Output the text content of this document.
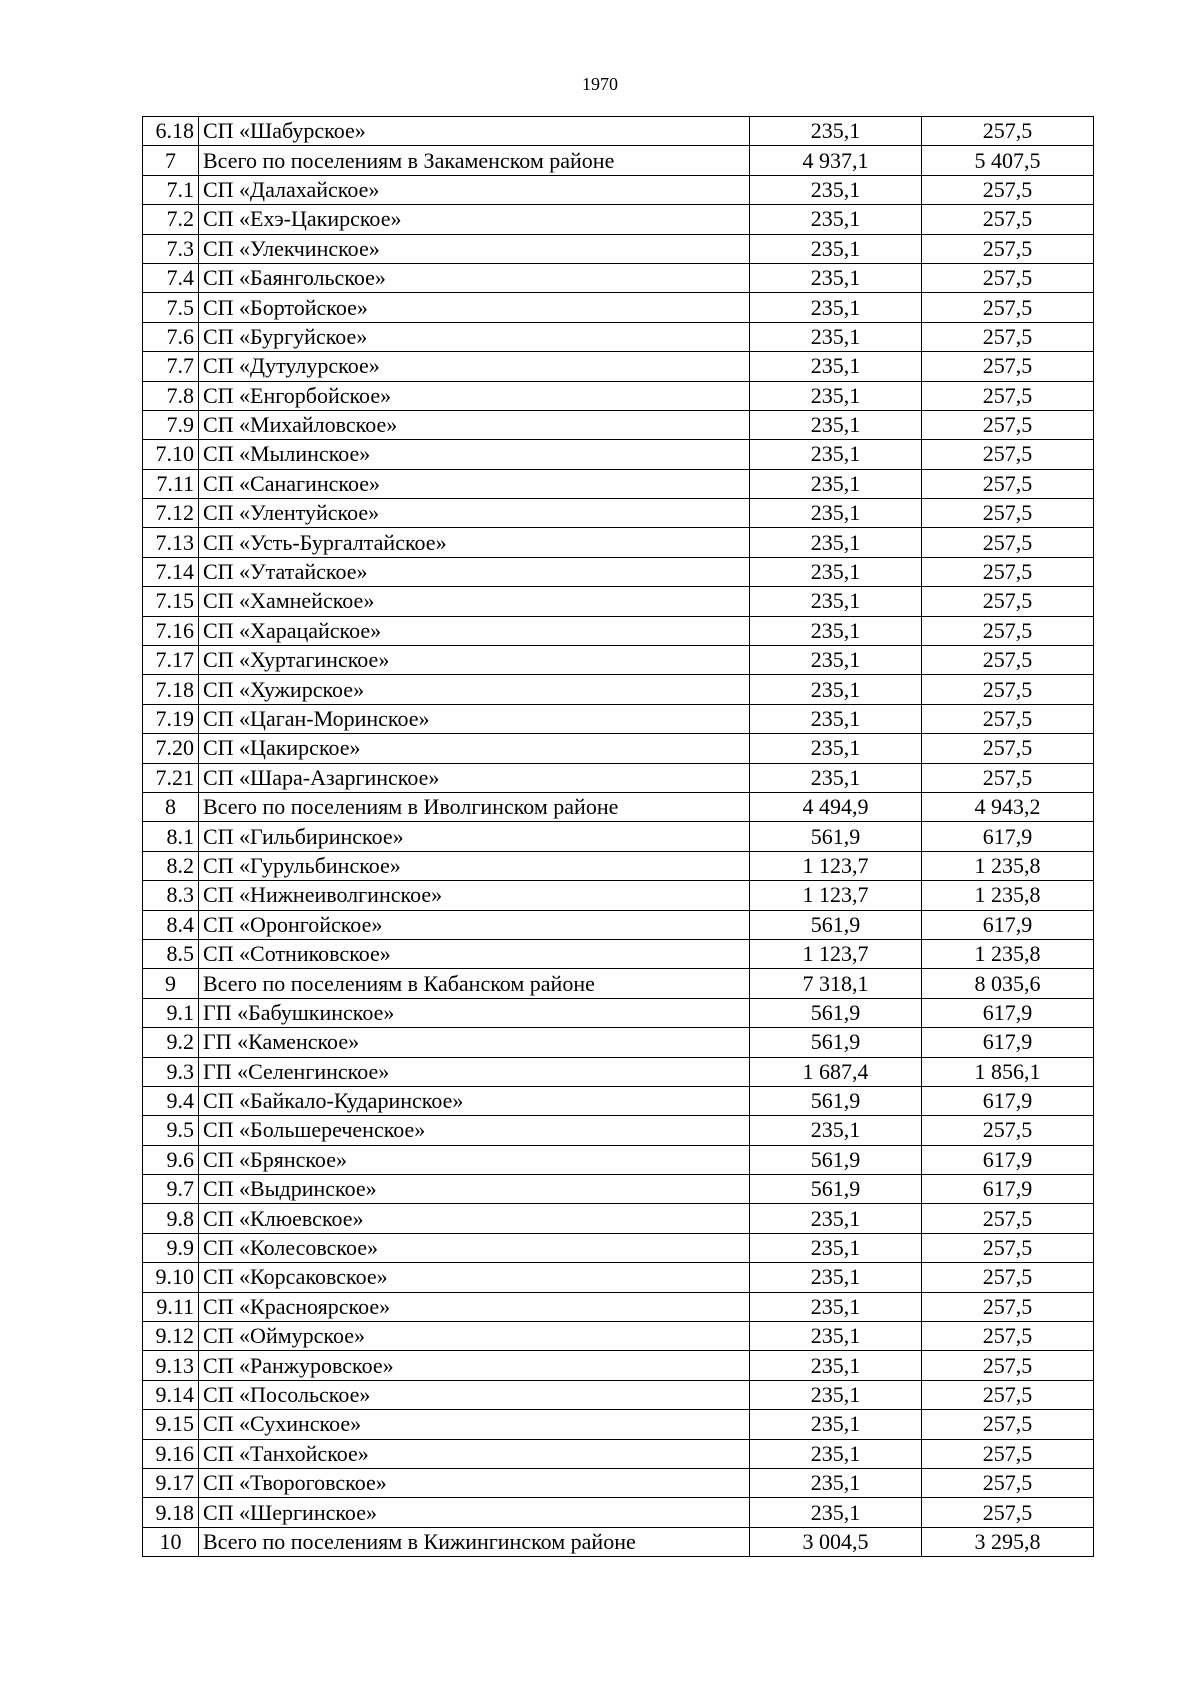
1970
6.18	СП «Шабурское»	235,1	257,5
7	Всего по поселениям в Закаменском районе	4 937,1	5 407,5
7.1	СП «Далахайское»	235,1	257,5
7.2	СП «Ехэ-Цакирское»	235,1	257,5
7.3	СП «Улекчинское»	235,1	257,5
7.4	СП «Баянгольское»	235,1	257,5
7.5	СП «Бортойское»	235,1	257,5
7.6	СП «Бургуйское»	235,1	257,5
7.7	СП «Дутулурское»	235,1	257,5
7.8	СП «Енгорбойское»	235,1	257,5
7.9	СП «Михайловское»	235,1	257,5
7.10	СП «Мылинское»	235,1	257,5
7.11	СП «Санагинское»	235,1	257,5
7.12	СП «Улентуйское»	235,1	257,5
7.13	СП «Усть-Бургалтайское»	235,1	257,5
7.14	СП «Утатайское»	235,1	257,5
7.15	СП «Хамнейское»	235,1	257,5
7.16	СП «Харацайское»	235,1	257,5
7.17	СП «Хуртагинское»	235,1	257,5
7.18	СП «Хужирское»	235,1	257,5
7.19	СП «Цаган-Моринское»	235,1	257,5
7.20	СП «Цакирское»	235,1	257,5
7.21	СП «Шара-Азаргинское»	235,1	257,5
8	Всего по поселениям в Иволгинском районе	4 494,9	4 943,2
8.1	СП «Гильбиринское»	561,9	617,9
8.2	СП «Гурульбинское»	1 123,7	1 235,8
8.3	СП «Нижнеиволгинское»	1 123,7	1 235,8
8.4	СП «Оронгойское»	561,9	617,9
8.5	СП «Сотниковское»	1 123,7	1 235,8
9	Всего по поселениям в Кабанском районе	7 318,1	8 035,6
9.1	ГП «Бабушкинское»	561,9	617,9
9.2	ГП «Каменское»	561,9	617,9
9.3	ГП «Селенгинское»	1 687,4	1 856,1
9.4	СП «Байкало-Кударинское»	561,9	617,9
9.5	СП «Большереченское»	235,1	257,5
9.6	СП «Брянское»	561,9	617,9
9.7	СП «Выдринское»	561,9	617,9
9.8	СП «Клюевское»	235,1	257,5
9.9	СП «Колесовское»	235,1	257,5
9.10	СП «Корсаковское»	235,1	257,5
9.11	СП «Красноярское»	235,1	257,5
9.12	СП «Оймурское»	235,1	257,5
9.13	СП «Ранжуровское»	235,1	257,5
9.14	СП «Посольское»	235,1	257,5
9.15	СП «Сухинское»	235,1	257,5
9.16	СП «Танхойское»	235,1	257,5
9.17	СП «Твороговское»	235,1	257,5
9.18	СП «Шергинское»	235,1	257,5
10	Всего по поселениям в Кижингинском районе	3 004,5	3 295,8
